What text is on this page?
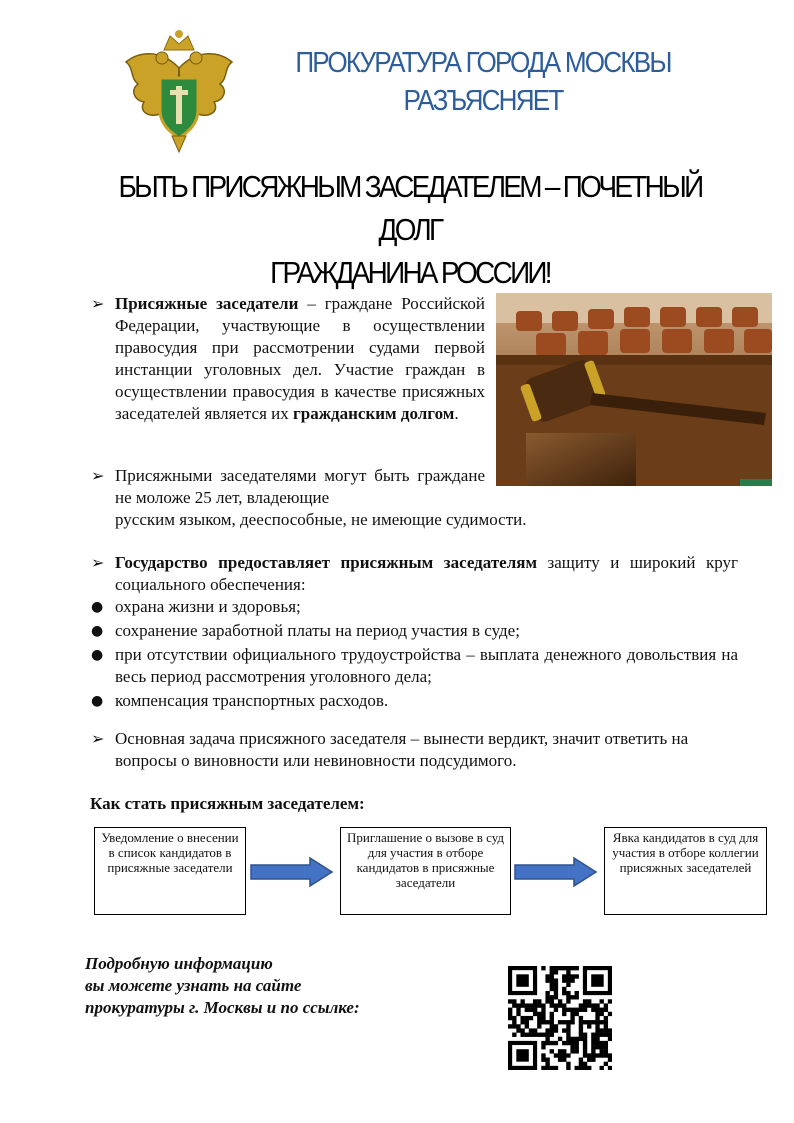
ПРОКУРАТУРА ГОРОДА МОСКВЫ
РАЗЪЯСНЯЕТ
БЫТЬ ПРИСЯЖНЫМ ЗАСЕДАТЕЛЕМ – ПОЧЕТНЫЙ ДОЛГ
ГРАЖДАНИНА РОССИИ!
➢ Присяжные заседатели – граждане Российской Федерации, участвующие в осуществлении правосудия при рассмотрении судами первой инстанции уголовных дел. Участие граждан в осуществлении правосудия в качестве присяжных заседателей является их гражданским долгом.
➢ Присяжными заседателями могут быть граждане не моложе 25 лет, владеющие
русским языком, дееспособные, не имеющие судимости.
➢ Государство предоставляет присяжным заседателям защиту и широкий круг социального обеспечения:
● охрана жизни и здоровья;
● сохранение заработной платы на период участия в суде;
● при отсутствии официального трудоустройства – выплата денежного довольствия на весь период рассмотрения уголовного дела;
● компенсация транспортных расходов.
➢ Основная задача присяжного заседателя – вынести вердикт, значит ответить на вопросы о виновности или невиновности подсудимого.
Как стать присяжным заседателем:
Уведомление о внесении в список кандидатов в присяжные заседатели
Приглашение о вызове в суд для участия в отборе кандидатов в присяжные заседатели
Явка кандидатов в суд для участия в отборе коллегии присяжных заседателей
Подробную информацию
вы можете узнать на сайте
прокуратуры г. Москвы и по ссылке:
